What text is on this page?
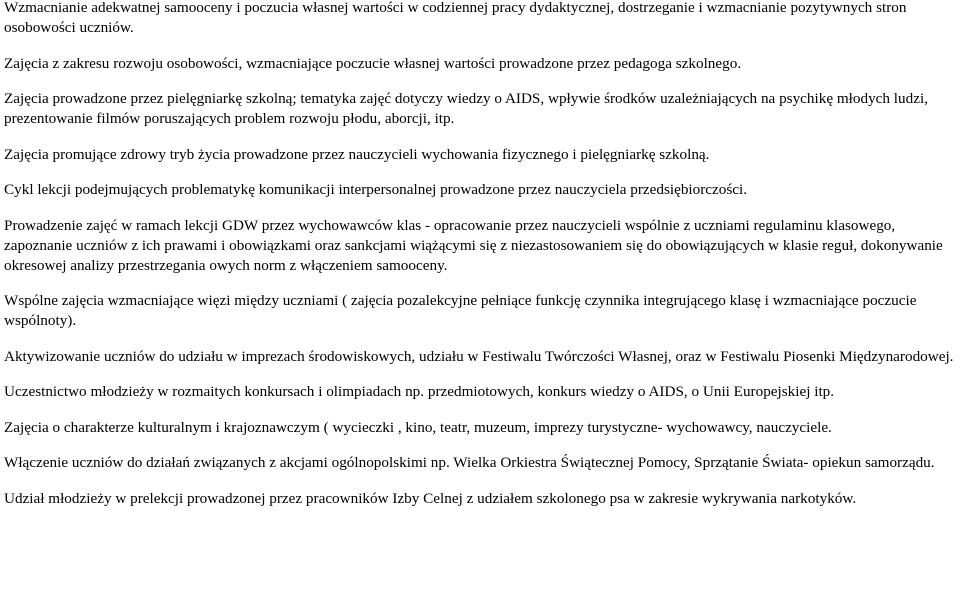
Wzmacnianie adekwatnej samooceny i poczucia własnej wartości w codziennej pracy dydaktycznej, dostrzeganie i wzmacnianie pozytywnych stron osobowości uczniów.

Zajęcia z zakresu rozwoju osobowości, wzmacniające poczucie własnej wartości prowadzone przez pedagoga szkolnego.

Zajęcia prowadzone przez pielęgniarkę szkolną; tematyka zajęć dotyczy wiedzy o AIDS, wpływie środków uzależniających na psychikę młodych ludzi, prezentowanie filmów poruszających problem rozwoju płodu, aborcji, itp.

Zajęcia promujące zdrowy tryb życia prowadzone przez nauczycieli wychowania fizycznego i pielęgniarkę szkolną.

Cykl lekcji podejmujących problematykę komunikacji interpersonalnej prowadzone przez nauczyciela przedsiębiorczości.

Prowadzenie zajęć w ramach lekcji GDW przez wychowawców klas - opracowanie przez nauczycieli wspólnie z uczniami regulaminu klasowego, zapoznanie uczniów z ich prawami i obowiązkami oraz sankcjami wiążącymi się z niezastosowaniem się do obowiązujących w klasie reguł, dokonywanie okresowej analizy przestrzegania owych norm z włączeniem samooceny.

Wspólne zajęcia wzmacniające więzi między uczniami ( zajęcia pozalekcyjne pełniące funkcję czynnika integrującego klasę i wzmacniające poczucie wspólnoty).

Aktywizowanie uczniów do udziału w imprezach środowiskowych, udziału w Festiwalu Twórczości Własnej, oraz w Festiwalu Piosenki Międzynarodowej.

Uczestnictwo młodzieży w rozmaitych konkursach i olimpiadach np. przedmiotowych, konkurs wiedzy o AIDS, o Unii Europejskiej itp.

Zajęcia o charakterze kulturalnym i krajoznawczym ( wycieczki , kino, teatr, muzeum, imprezy turystyczne- wychowawcy, nauczyciele.

Włączenie uczniów do działań związanych z akcjami ogólnopolskimi np. Wielka Orkiestra Świątecznej Pomocy, Sprzątanie Świata- opiekun samorządu.

Udział młodzieży w prelekcji prowadzonej przez pracowników Izby Celnej z udziałem szkolonego psa w zakresie wykrywania narkotyków.
